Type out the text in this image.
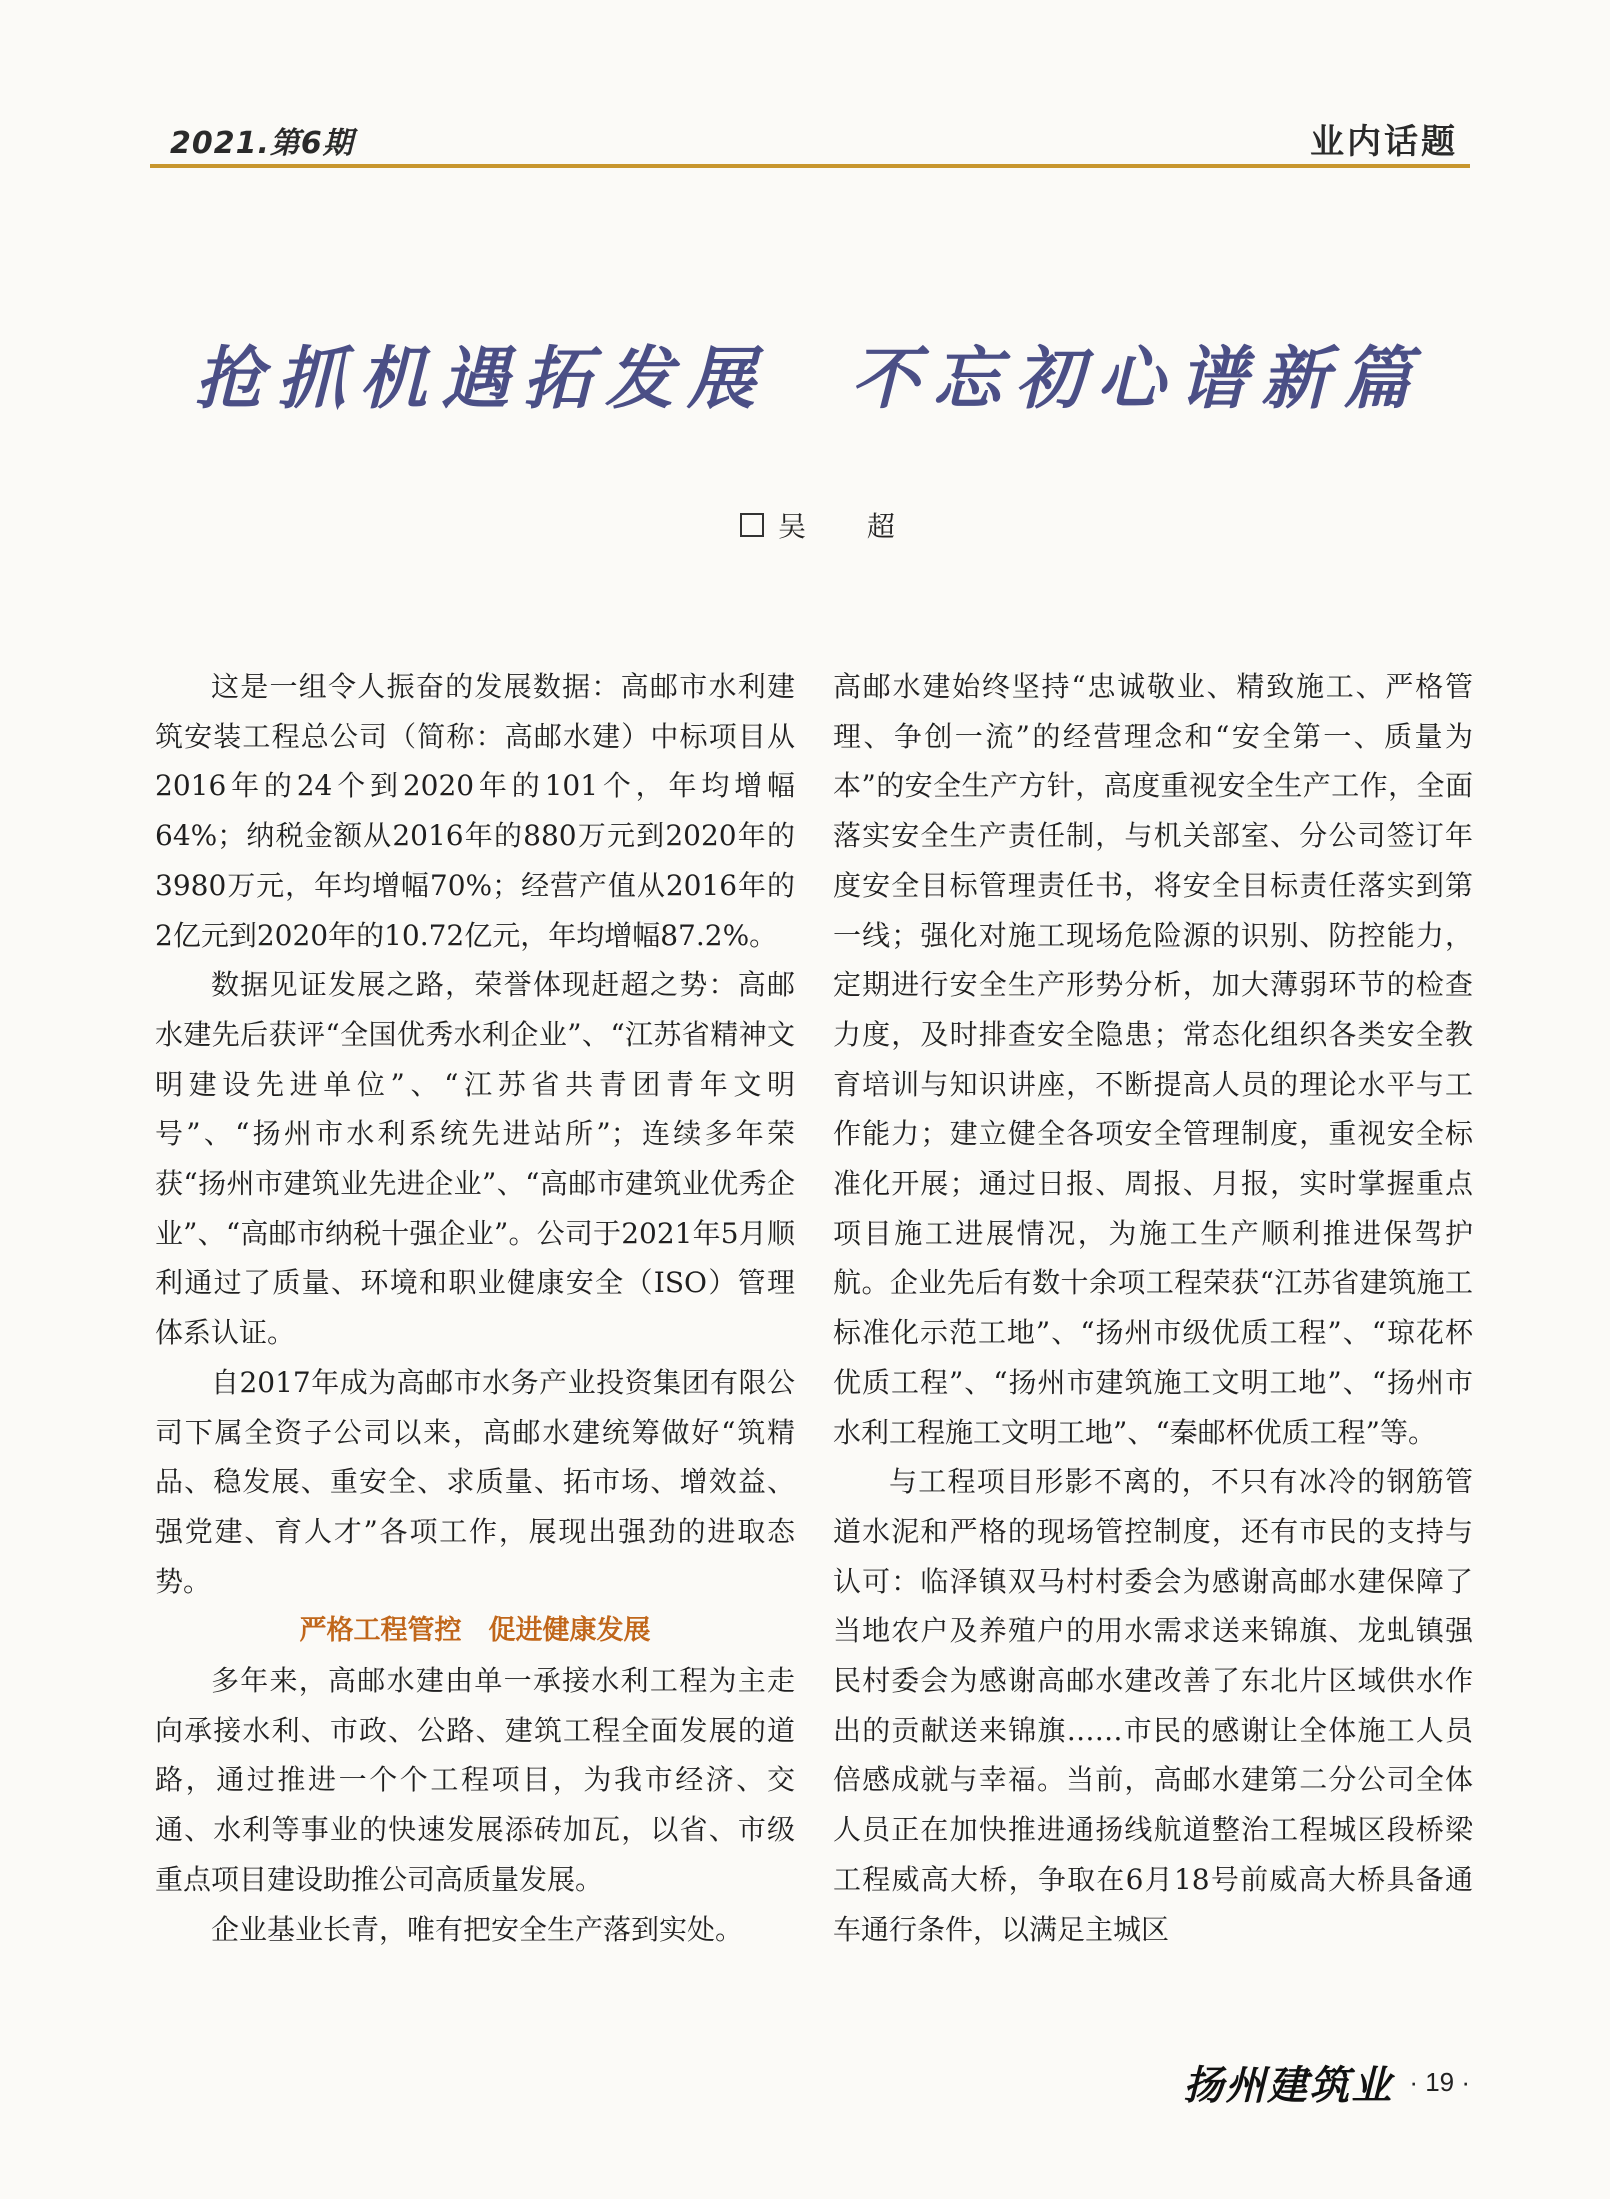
2021.第6期	业内话题
抢抓机遇拓发展　不忘初心谱新篇
吴 超

这是一组令人振奋的发展数据：高邮市水利建筑安装工程总公司（简称：高邮水建）中标项目从2016年的24个到2020年的101个，年均增幅64%；纳税金额从2016年的880万元到2020年的3980万元，年均增幅70%；经营产值从2016年的2亿元到2020年的10.72亿元，年均增幅87.2%。

数据见证发展之路，荣誉体现赶超之势：高邮水建先后获评“全国优秀水利企业”、“江苏省精神文明建设先进单位”、“江苏省共青团青年文明号”、“扬州市水利系统先进站所”；连续多年荣获“扬州市建筑业先进企业”、“高邮市建筑业优秀企业”、“高邮市纳税十强企业”。公司于2021年5月顺利通过了质量、环境和职业健康安全（ISO）管理体系认证。

自2017年成为高邮市水务产业投资集团有限公司下属全资子公司以来，高邮水建统筹做好“筑精品、稳发展、重安全、求质量、拓市场、增效益、强党建、育人才”各项工作，展现出强劲的进取态势。

严格工程管控　促进健康发展

多年来，高邮水建由单一承接水利工程为主走向承接水利、市政、公路、建筑工程全面发展的道路，通过推进一个个工程项目，为我市经济、交通、水利等事业的快速发展添砖加瓦，以省、市级重点项目建设助推公司高质量发展。

企业基业长青，唯有把安全生产落到实处。

高邮水建始终坚持“忠诚敬业、精致施工、严格管理、争创一流”的经营理念和“安全第一、质量为本”的安全生产方针，高度重视安全生产工作，全面落实安全生产责任制，与机关部室、分公司签订年度安全目标管理责任书，将安全目标责任落实到第一线；强化对施工现场危险源的识别、防控能力，定期进行安全生产形势分析，加大薄弱环节的检查力度，及时排查安全隐患；常态化组织各类安全教育培训与知识讲座，不断提高人员的理论水平与工作能力；建立健全各项安全管理制度，重视安全标准化开展；通过日报、周报、月报，实时掌握重点项目施工进展情况，为施工生产顺利推进保驾护航。企业先后有数十余项工程荣获“江苏省建筑施工标准化示范工地”、“扬州市级优质工程”、“琼花杯优质工程”、“扬州市建筑施工文明工地”、“扬州市水利工程施工文明工地”、“秦邮杯优质工程”等。

与工程项目形影不离的，不只有冰冷的钢筋管道水泥和严格的现场管控制度，还有市民的支持与认可：临泽镇双马村村委会为感谢高邮水建保障了当地农户及养殖户的用水需求送来锦旗、龙虬镇强民村委会为感谢高邮水建改善了东北片区域供水作出的贡献送来锦旗……市民的感谢让全体施工人员倍感成就与幸福。当前，高邮水建第二分公司全体人员正在加快推进通扬线航道整治工程城区段桥梁工程威高大桥，争取在6月18号前威高大桥具备通车通行条件，以满足主城区

扬州建筑业 · 19 ·
